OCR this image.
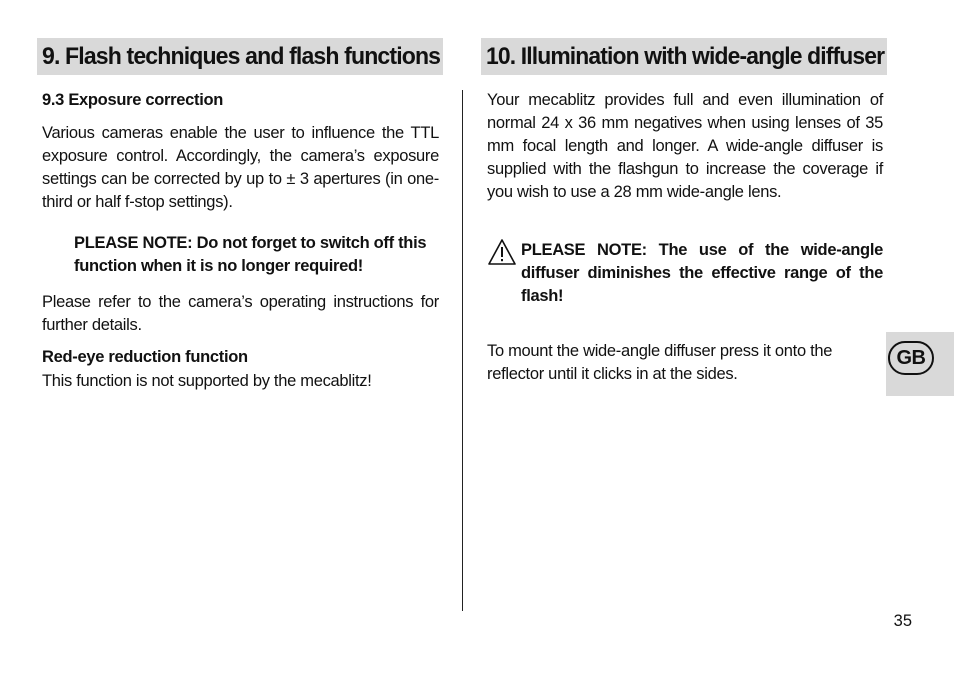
9. Flash techniques and flash functions 10. Illumination with wide-angle diffuser

9.3 Exposure correction

Various cameras enable the user to influence the TTL exposure control. Accordingly, the camera’s exposure settings can be corrected by up to ± 3 apertures (in one-third or half f-stop settings).

PLEASE NOTE: Do not forget to switch off this function when it is no longer required!

Please refer to the camera’s operating instructions for further details.

Red-eye reduction function

This function is not supported by the mecablitz!

Your mecablitz provides full and even illumination of normal 24 x 36 mm negatives when using lenses of 35 mm focal length and longer. A wide-angle diffuser is supplied with the flashgun to increase the coverage if you wish to use a 28 mm wide-angle lens.

PLEASE NOTE: The use of the wide-angle diffuser diminishes the effective range of the flash!

To mount the wide-angle diffuser press it onto the reflector until it clicks in at the sides.

GB
35
